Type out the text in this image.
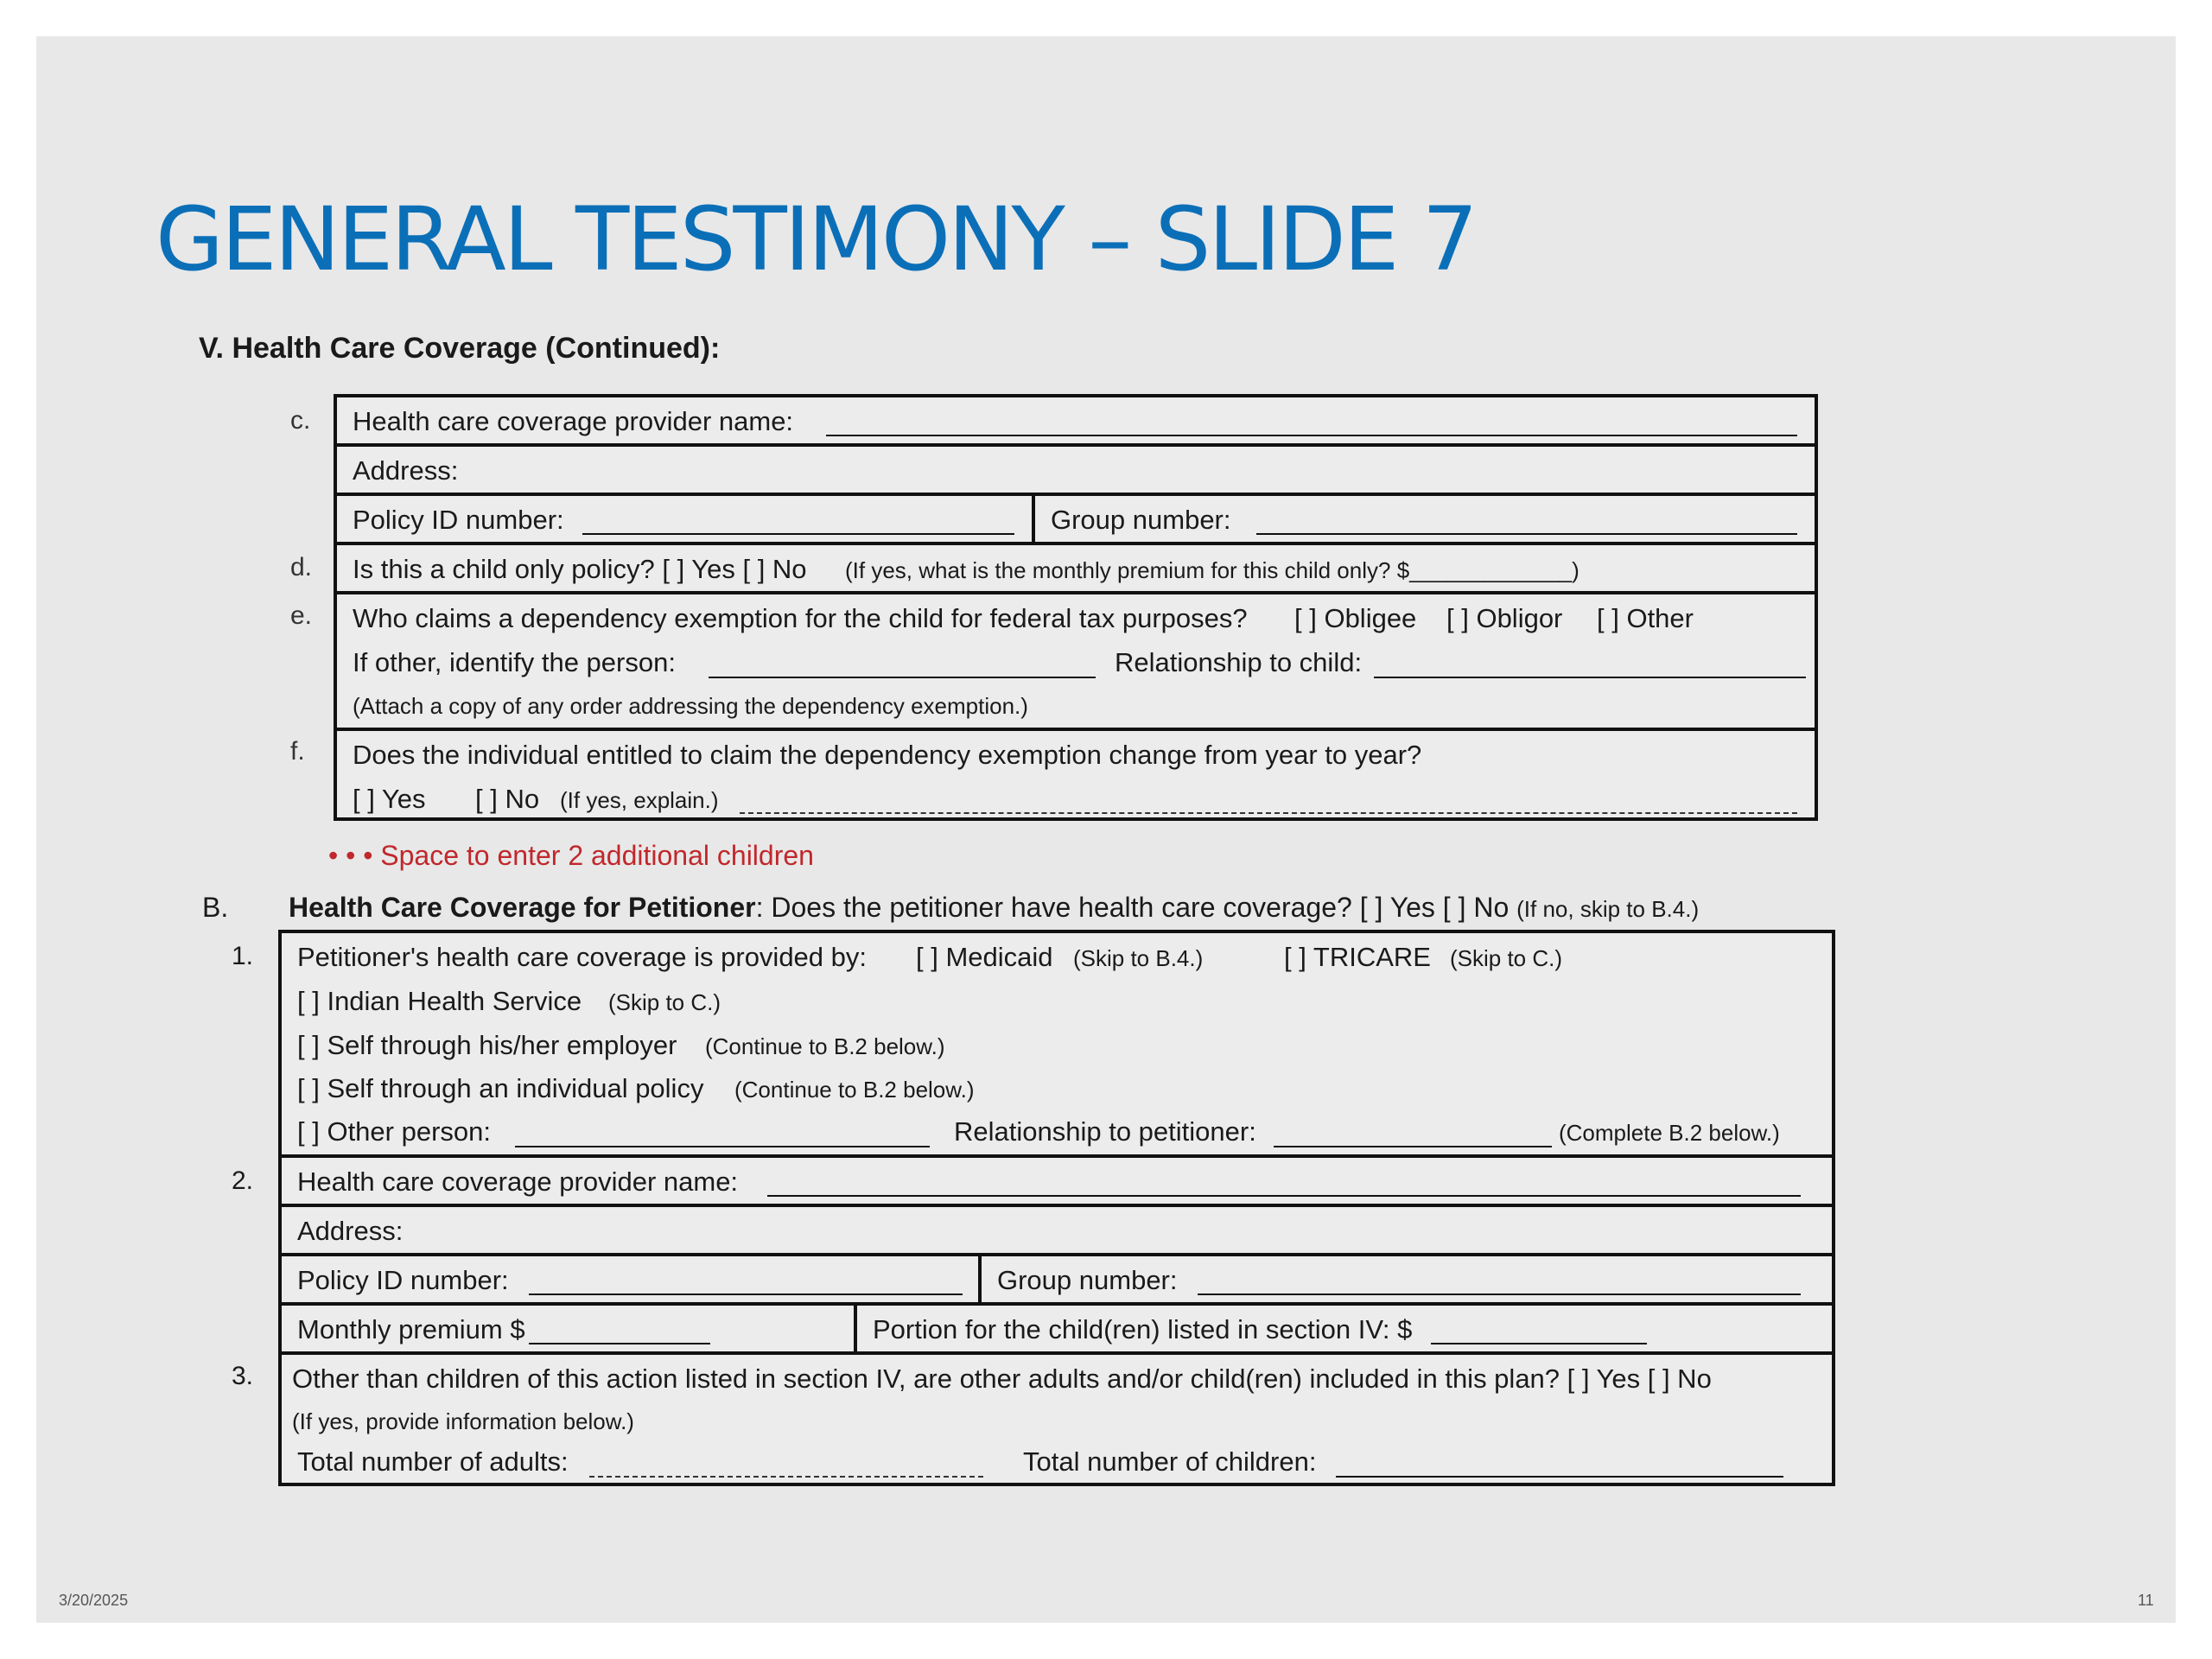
GENERAL TESTIMONY – SLIDE 7
V. Health Care Coverage (Continued):
c.
d.
e.
f.
Health care coverage provider name:
Address:
Policy ID number:	Group number:
Is this a child only policy? [ ] Yes [ ] No (If yes, what is the monthly premium for this child only? $_____________)
Who claims a dependency exemption for the child for federal tax purposes? [ ] Obligee [ ] Obligor [ ] Other
If other, identify the person:	Relationship to child:
(Attach a copy of any order addressing the dependency exemption.)
Does the individual entitled to claim the dependency exemption change from year to year?
[ ] Yes [ ] No (If yes, explain.)
• • • Space to enter 2 additional children
B. Health Care Coverage for Petitioner: Does the petitioner have health care coverage? [ ] Yes [ ] No (If no, skip to B.4.)
1.
2.
3.
Petitioner's health care coverage is provided by: [ ] Medicaid (Skip to B.4.)	[ ] TRICARE (Skip to C.)
[ ] Indian Health Service (Skip to C.)
[ ] Self through his/her employer (Continue to B.2 below.)
[ ] Self through an individual policy (Continue to B.2 below.)
[ ] Other person:	Relationship to petitioner:	(Complete B.2 below.)
Health care coverage provider name:
Address:
Policy ID number:	Group number:
Monthly premium $	Portion for the child(ren) listed in section IV: $
Other than children of this action listed in section IV, are other adults and/or child(ren) included in this plan? [ ] Yes [ ] No
(If yes, provide information below.)
Total number of adults:	Total number of children:
3/20/2025	11
